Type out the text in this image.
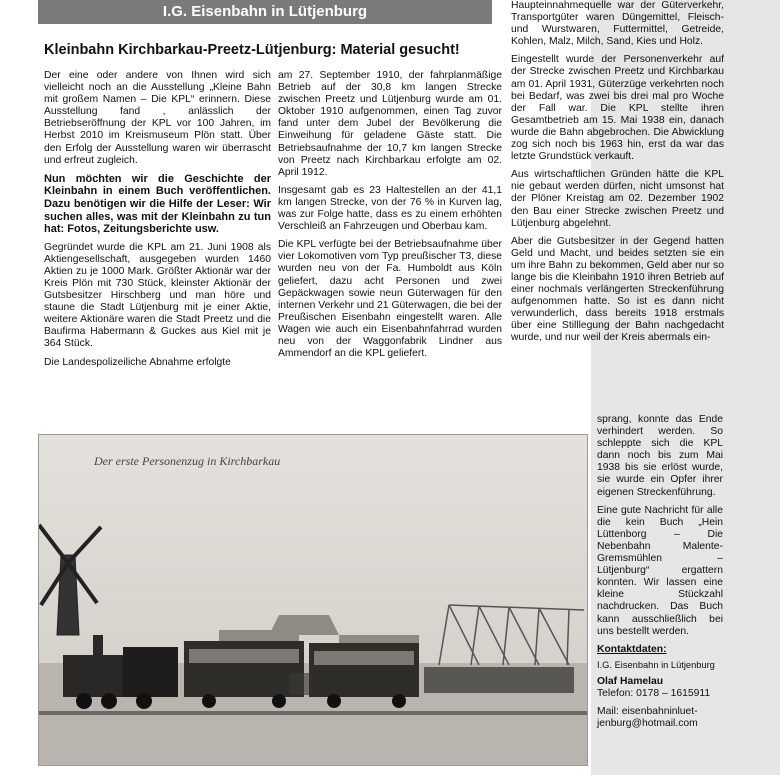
I.G. Eisenbahn in Lütjenburg
Kleinbahn Kirchbarkau-Preetz-Lütjenburg: Material gesucht!

Der eine oder andere von Ihnen wird sich vielleicht noch an die Ausstellung „Kleine Bahn mit großem Namen – Die KPL“ erinnern. Diese Ausstellung fand , anlässlich der Betriebseröffnung der KPL vor 100 Jahren, im Herbst 2010 im Kreismuseum Plön statt. Über den Erfolg der Ausstellung waren wir überrascht und erfreut zugleich.

Nun möchten wir die Geschichte der Kleinbahn in einem Buch veröffentlichen. Dazu benötigen wir die Hilfe der Leser: Wir suchen alles, was mit der Kleinbahn zu tun hat: Fotos, Zeitungsberichte usw.

Gegründet wurde die KPL am 21. Juni 1908 als Aktiengesellschaft, ausgegeben wurden 1460 Aktien zu je 1000 Mark. Größter Aktionär war der Kreis Plön mit 730 Stück, kleinster Aktionär der Gutsbesitzer Hirschberg und man höre und staune die Stadt Lütjenburg mit je einer Aktie, weitere Aktionäre waren die Stadt Preetz und die Baufirma Habermann & Guckes aus Kiel mit je 364 Stück.

Die Landespolizeiliche Abnahme erfolgte

am 27. September 1910, der fahrplanmäßige Betrieb auf der 30,8 km langen Strecke zwischen Preetz und Lütjenburg wurde am 01. Oktober 1910 aufgenommen, einen Tag zuvor fand unter dem Jubel der Bevölkerung die Einweihung für geladene Gäste statt. Die Betriebsaufnahme der 10,7 km langen Strecke von Preetz nach Kirchbarkau erfolgte am 02. April 1912.

Insgesamt gab es 23 Haltestellen an der 41,1 km langen Strecke, von der 76 % in Kurven lag, was zur Folge hatte, dass es zu einem erhöhten Verschleiß an Fahrzeugen und Oberbau kam.

Die KPL verfügte bei der Betriebsaufnahme über vier Lokomotiven vom Typ preußischer T3, diese wurden neu von der Fa. Humboldt aus Köln geliefert, dazu acht Personen und zwei Gepäckwagen sowie neun Güterwagen für den internen Verkehr und 21 Güterwagen, die bei der Preußischen Eisenbahn eingestellt waren. Alle Wagen wie auch ein Eisenbahnfahrrad wurden neu von der Waggonfabrik Lindner aus Ammendorf an die KPL geliefert.

Haupteinnahmequelle war der Güterverkehr, Transportgüter waren Düngemittel, Fleisch- und Wurstwaren, Futtermittel, Getreide, Kohlen, Malz, Milch, Sand, Kies und Holz.

Eingestellt wurde der Personenverkehr auf der Strecke zwischen Preetz und Kirchbarkau am 01. April 1931, Güterzüge verkehrten noch bei Bedarf, was zwei bis drei mal pro Woche der Fall war. Die KPL stellte ihren Gesamtbetrieb am 15. Mai 1938 ein, danach wurde die Bahn abgebrochen. Die Abwicklung zog sich noch bis 1963 hin, erst da war das letzte Grundstück verkauft.

Aus wirtschaftlichen Gründen hätte die KPL nie gebaut werden dürfen, nicht umsonst hat der Plöner Kreistag am 02. Dezember 1902 den Bau einer Strecke zwischen Preetz und Lütjenburg abgelehnt.

Aber die Gutsbesitzer in der Gegend hatten Geld und Macht, und beides setzten sie ein um ihre Bahn zu bekommen, Geld aber nur so lange bis die Kleinbahn 1910 ihren Betrieb auf einer nochmals verlängerten Streckenführung aufgenommen hatte. So ist es dann nicht verwunderlich, dass bereits 1918 erstmals über eine Stilllegung der Bahn nachgedacht wurde, und nur weil der Kreis abermals ein-

sprang, konnte das Ende verhindert werden. So schleppte sich die KPL dann noch bis zum Mai 1938 bis sie erlöst wurde, sie wurde ein Opfer ihrer eigenen Streckenführung.

Eine gute Nachricht für alle die kein Buch „Hein Lüttenborg – Die Nebenbahn Malente-Gremsmühlen – Lütjenburg“ ergattern konnten. Wir lassen eine kleine Stückzahl nachdrucken. Das Buch kann ausschließlich bei uns bestellt werden.

Kontaktdaten:
I.G. Eisenbahn in Lütjenburg
Olaf Hamelau
Telefon: 0178 – 1615911
Mail: eisenbahninluet-
jenburg@hotmail.com
Der erste Personenzug in Kirchbarkau
